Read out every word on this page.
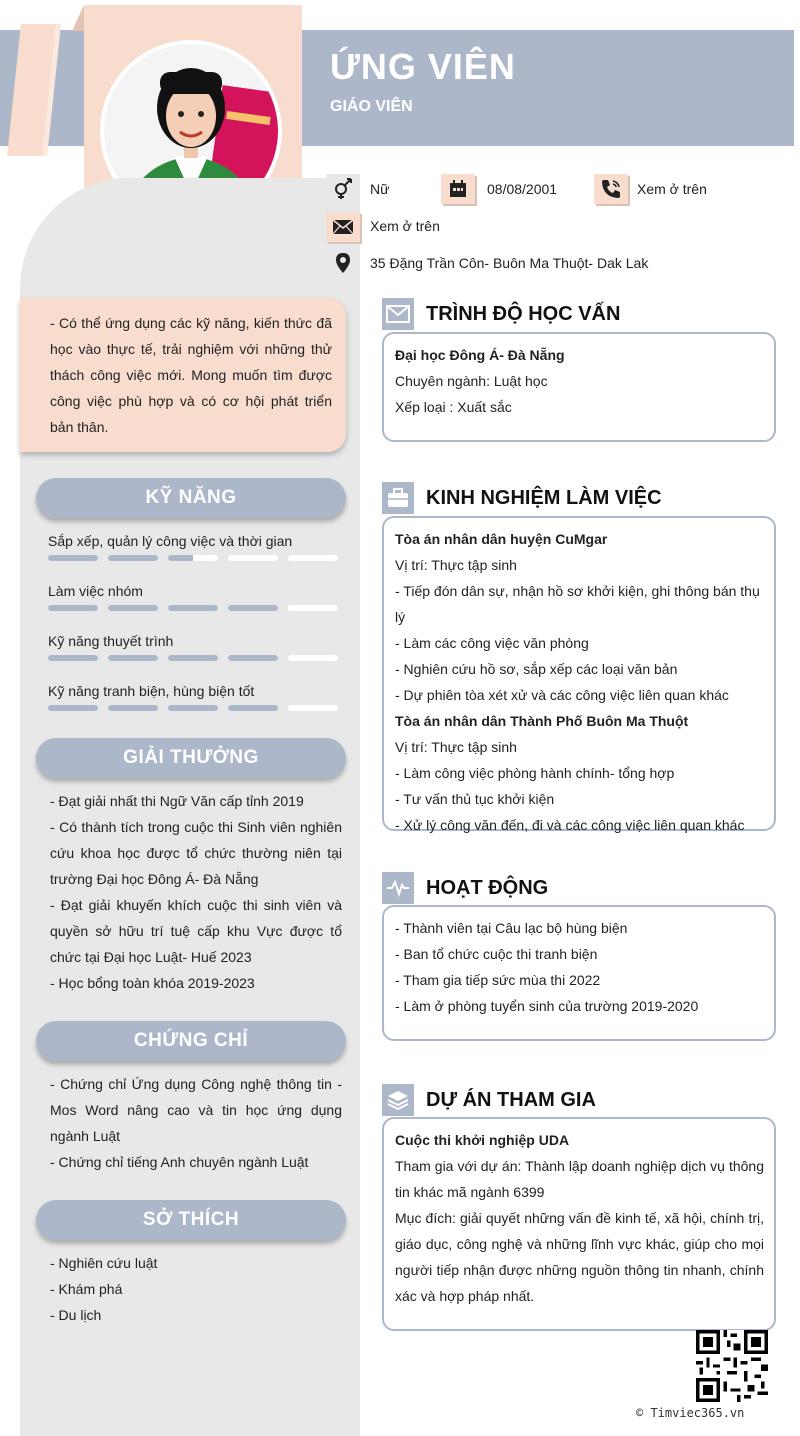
ỨNG VIÊN
GIÁO VIÊN
Nữ	08/08/2001	Xem ở trên
Xem ở trên
35 Đặng Trần Côn- Buôn Ma Thuột- Dak Lak
- Có thể ứng dụng các kỹ năng, kiến thức đã học vào thực tế, trải nghiệm với những thử thách công việc mới. Mong muốn tìm được công việc phù hợp và có cơ hội phát triển bản thân.
KỸ NĂNG
Sắp xếp, quản lý công việc và thời gian
Làm việc nhóm
Kỹ năng thuyết trình
Kỹ năng tranh biện, hùng biện tốt
GIẢI THƯỞNG

- Đạt giải nhất thi Ngữ Văn cấp tỉnh 2019

- Có thành tích trong cuộc thi Sinh viên nghiên cứu khoa học được tổ chức thường niên tại trường Đại học Đông Á- Đà Nẵng

- Đạt giải khuyến khích cuộc thi sinh viên và quyền sở hữu trí tuệ cấp khu Vực được tổ chức tại Đại học Luật- Huế 2023

- Học bổng toàn khóa 2019-2023

CHỨNG CHỈ

- Chứng chỉ Ứng dụng Công nghệ thông tin - Mos Word nâng cao và tin học ứng dụng ngành Luật

- Chứng chỉ tiếng Anh chuyên ngành Luật

SỞ THÍCH

- Nghiên cứu luật

- Khám phá

- Du lịch

TRÌNH ĐỘ HỌC VẤN

Đại học Đông Á- Đà Nẵng

Chuyên ngành: Luật học

Xếp loại : Xuất sắc

KINH NGHIỆM LÀM VIỆC

Tòa án nhân dân huyện CuMgar

Vị trí: Thực tập sinh

- Tiếp đón dân sự, nhận hồ sơ khởi kiện, ghi thông bán thụ lý

- Làm các công việc văn phòng

- Nghiên cứu hồ sơ, sắp xếp các loại văn bản

- Dự phiên tòa xét xử và các công việc liên quan khác

Tòa án nhân dân Thành Phố Buôn Ma Thuột

Vị trí: Thực tập sinh

- Làm công việc phòng hành chính- tổng hợp

- Tư vấn thủ tục khởi kiện

- Xử lý công văn đến, đi và các công việc liên quan khác

HOẠT ĐỘNG

- Thành viên tại Câu lạc bộ hùng biện

- Ban tổ chức cuộc thi tranh biện

- Tham gia tiếp sức mùa thi 2022

- Làm ở phòng tuyển sinh của trường 2019-2020

DỰ ÁN THAM GIA

Cuộc thi khởi nghiệp UDA

Tham gia với dự án: Thành lập doanh nghiệp dịch vụ thông tin khác mã ngành 6399

Mục đích: giải quyết những vấn đề kinh tế, xã hội, chính trị, giáo dục, công nghệ và những lĩnh vực khác, giúp cho mọi người tiếp nhận được những nguồn thông tin nhanh, chính xác và hợp pháp nhất.

© Timviec365.vn
